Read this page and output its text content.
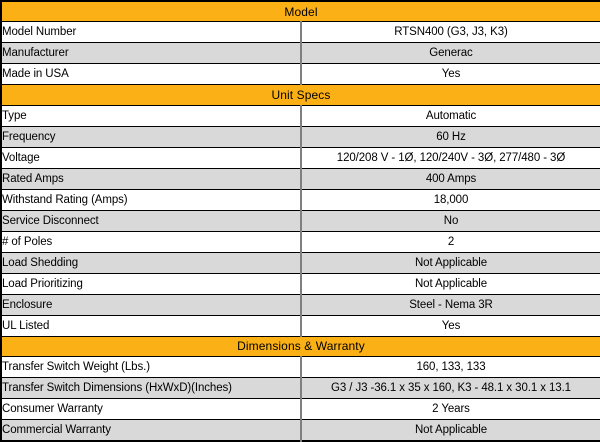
Model	
Model Number	RTSN400 (G3, J3, K3)
Manufacturer	Generac
Made in USA	Yes
Unit Specs	
Type	Automatic
Frequency	60 Hz
Voltage	120/208 V - 1Ø, 120/240V - 3Ø, 277/480 - 3Ø
Rated Amps	400 Amps
Withstand Rating (Amps)	18,000
Service Disconnect	No
# of Poles	2
Load Shedding	Not Applicable
Load Prioritizing	Not Applicable
Enclosure	Steel - Nema 3R
UL Listed	Yes
Dimensions & Warranty	
Transfer Switch Weight (Lbs.)	160, 133, 133
Transfer Switch Dimensions (HxWxD)(Inches)	G3 / J3 -36.1 x 35 x 160, K3 - 48.1 x 30.1 x 13.1
Consumer Warranty	2 Years
Commercial Warranty	Not Applicable
